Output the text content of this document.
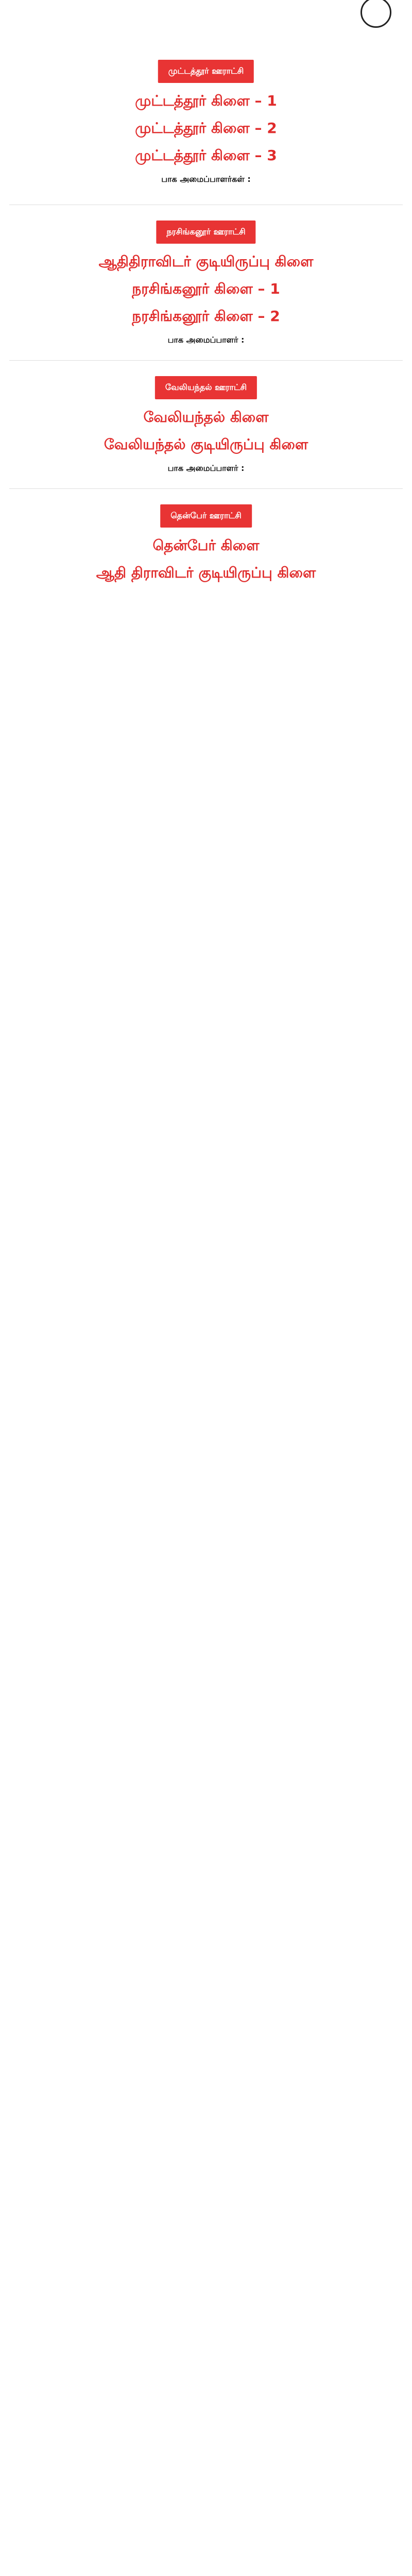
முட்டத்தூர் ஊராட்சி
முட்டத்தூர் கிளை – 1
முட்டத்தூர் கிளை – 2
முட்டத்தூர் கிளை – 3
பாக அமைப்பாளர்கள் :
நரசிங்கனூர் ஊராட்சி
ஆதிதிராவிடர் குடியிருப்பு கிளை
நரசிங்கனூர் கிளை – 1
நரசிங்கனூர் கிளை – 2
பாக அமைப்பாளர் :
வேலியந்தல் ஊராட்சி
வேலியந்தல் கிளை
வேலியந்தல் குடியிருப்பு கிளை
பாக அமைப்பாளர் :
தென்பேர் ஊராட்சி
தென்பேர் கிளை
ஆதி திராவிடர் குடியிருப்பு கிளை
